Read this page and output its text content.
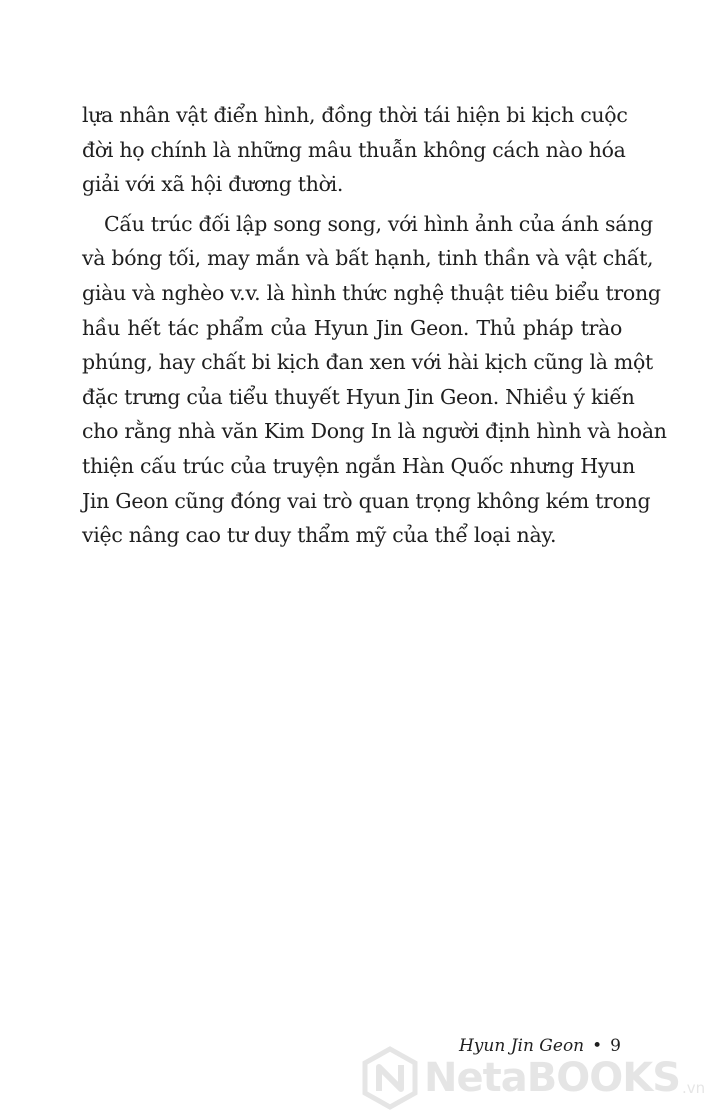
lựa nhân vật điển hình, đồng thời tái hiện bi kịch cuộc
đời họ chính là những mâu thuẫn không cách nào hóa
giải với xã hội đương thời.
Cấu trúc đối lập song song, với hình ảnh của ánh sáng
và bóng tối, may mắn và bất hạnh, tinh thần và vật chất,
giàu và nghèo v.v. là hình thức nghệ thuật tiêu biểu trong
hầu hết tác phẩm của Hyun Jin Geon. Thủ pháp trào
phúng, hay chất bi kịch đan xen với hài kịch cũng là một
đặc trưng của tiểu thuyết Hyun Jin Geon. Nhiều ý kiến
cho rằng nhà văn Kim Dong In là người định hình và hoàn
thiện cấu trúc của truyện ngắn Hàn Quốc nhưng Hyun
Jin Geon cũng đóng vai trò quan trọng không kém trong
việc nâng cao tư duy thẩm mỹ của thể loại này.
Hyun Jin Geon • 9
NetaBOOKS .vn
